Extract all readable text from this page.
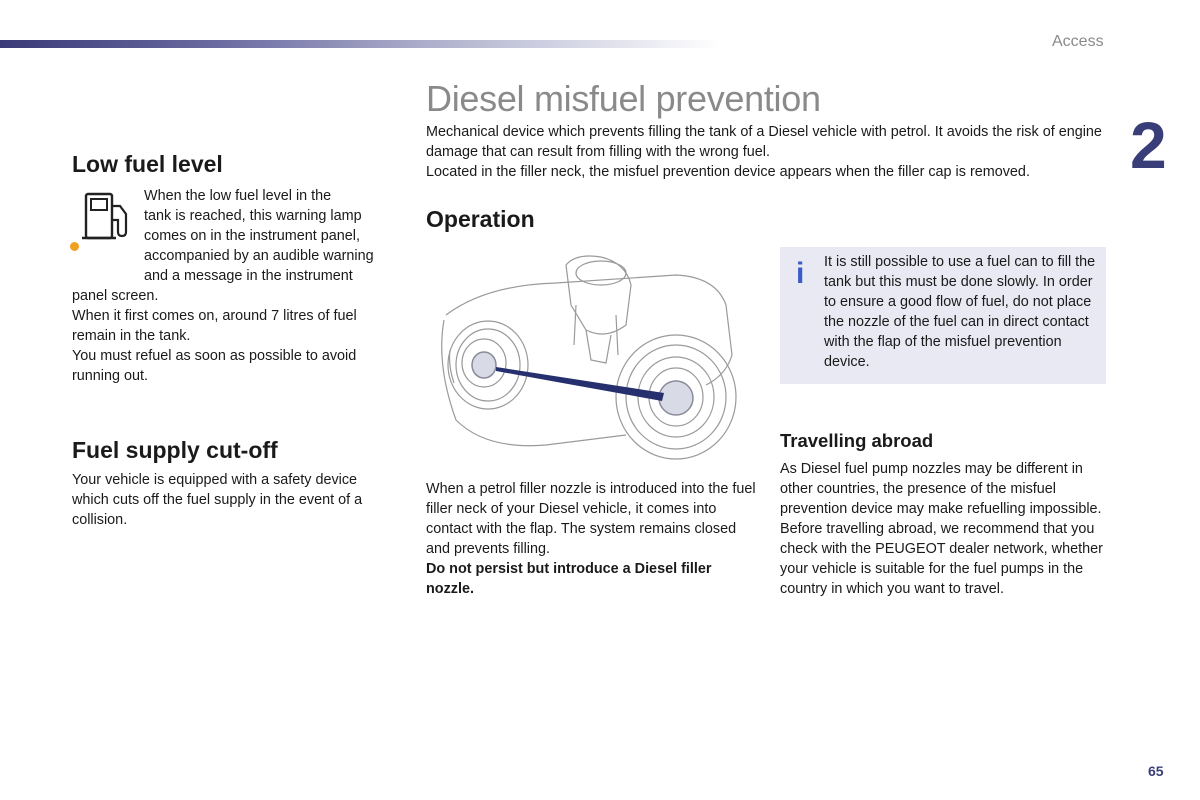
Access
2
Diesel misfuel prevention

Mechanical device which prevents filling the tank of a Diesel vehicle with petrol. It avoids the risk of engine damage that can result from filling with the wrong fuel.

Located in the filler neck, the misfuel prevention device appears when the filler cap is removed.

Low fuel level
When the low fuel level in the
tank is reached, this warning lamp
comes on in the instrument panel,
accompanied by an audible warning
and a message in the instrument
panel screen.
When it first comes on, around 7 litres of fuel remain in the tank.
You must refuel as soon as possible to avoid running out.
Fuel supply cut-off

Your vehicle is equipped with a safety device which cuts off the fuel supply in the event of a collision.

Operation

When a petrol filler nozzle is introduced into the fuel filler neck of your Diesel vehicle, it comes into contact with the flap. The system remains closed and prevents filling.

Do not persist but introduce a Diesel filler nozzle.

i It is still possible to use a fuel can to fill the tank but this must be done slowly. In order to ensure a good flow of fuel, do not place the nozzle of the fuel can in direct contact with the flap of the misfuel prevention device.
Travelling abroad

As Diesel fuel pump nozzles may be different in other countries, the presence of the misfuel prevention device may make refuelling impossible.

Before travelling abroad, we recommend that you check with the PEUGEOT dealer network, whether your vehicle is suitable for the fuel pumps in the country in which you want to travel.

65
